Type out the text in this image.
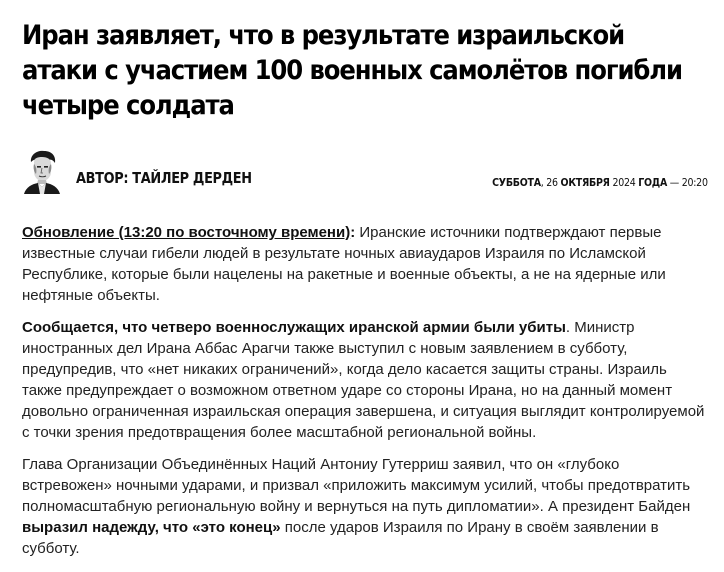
Иран заявляет, что в результате израильской атаки с участием 100 военных самолётов погибли четыре солдата
АВТОР: ТАЙЛЕР ДЕРДЕН	СУББОТА, 26 ОКТЯБРЯ 2024 ГОДА — 20:20

Обновление (13:20 по восточному времени): Иранские источники подтверждают первые известные случаи гибели людей в результате ночных авиаударов Израиля по Исламской Республике, которые были нацелены на ракетные и военные объекты, а не на ядерные или нефтяные объекты.

Сообщается, что четверо военнослужащих иранской армии были убиты. Министр иностранных дел Ирана Аббас Арагчи также выступил с новым заявлением в субботу, предупредив, что «нет никаких ограничений», когда дело касается защиты страны. Израиль также предупреждает о возможном ответном ударе со стороны Ирана, но на данный момент довольно ограниченная израильская операция завершена, и ситуация выглядит контролируемой с точки зрения предотвращения более масштабной региональной войны.

Глава Организации Объединённых Наций Антониу Гутерриш заявил, что он «глубоко встревожен» ночными ударами, и призвал «приложить максимум усилий, чтобы предотвратить полномасштабную региональную войну и вернуться на путь дипломатии». А президент Байден выразил надежду, что «это конец» после ударов Израиля по Ирану в своём заявлении в субботу.
